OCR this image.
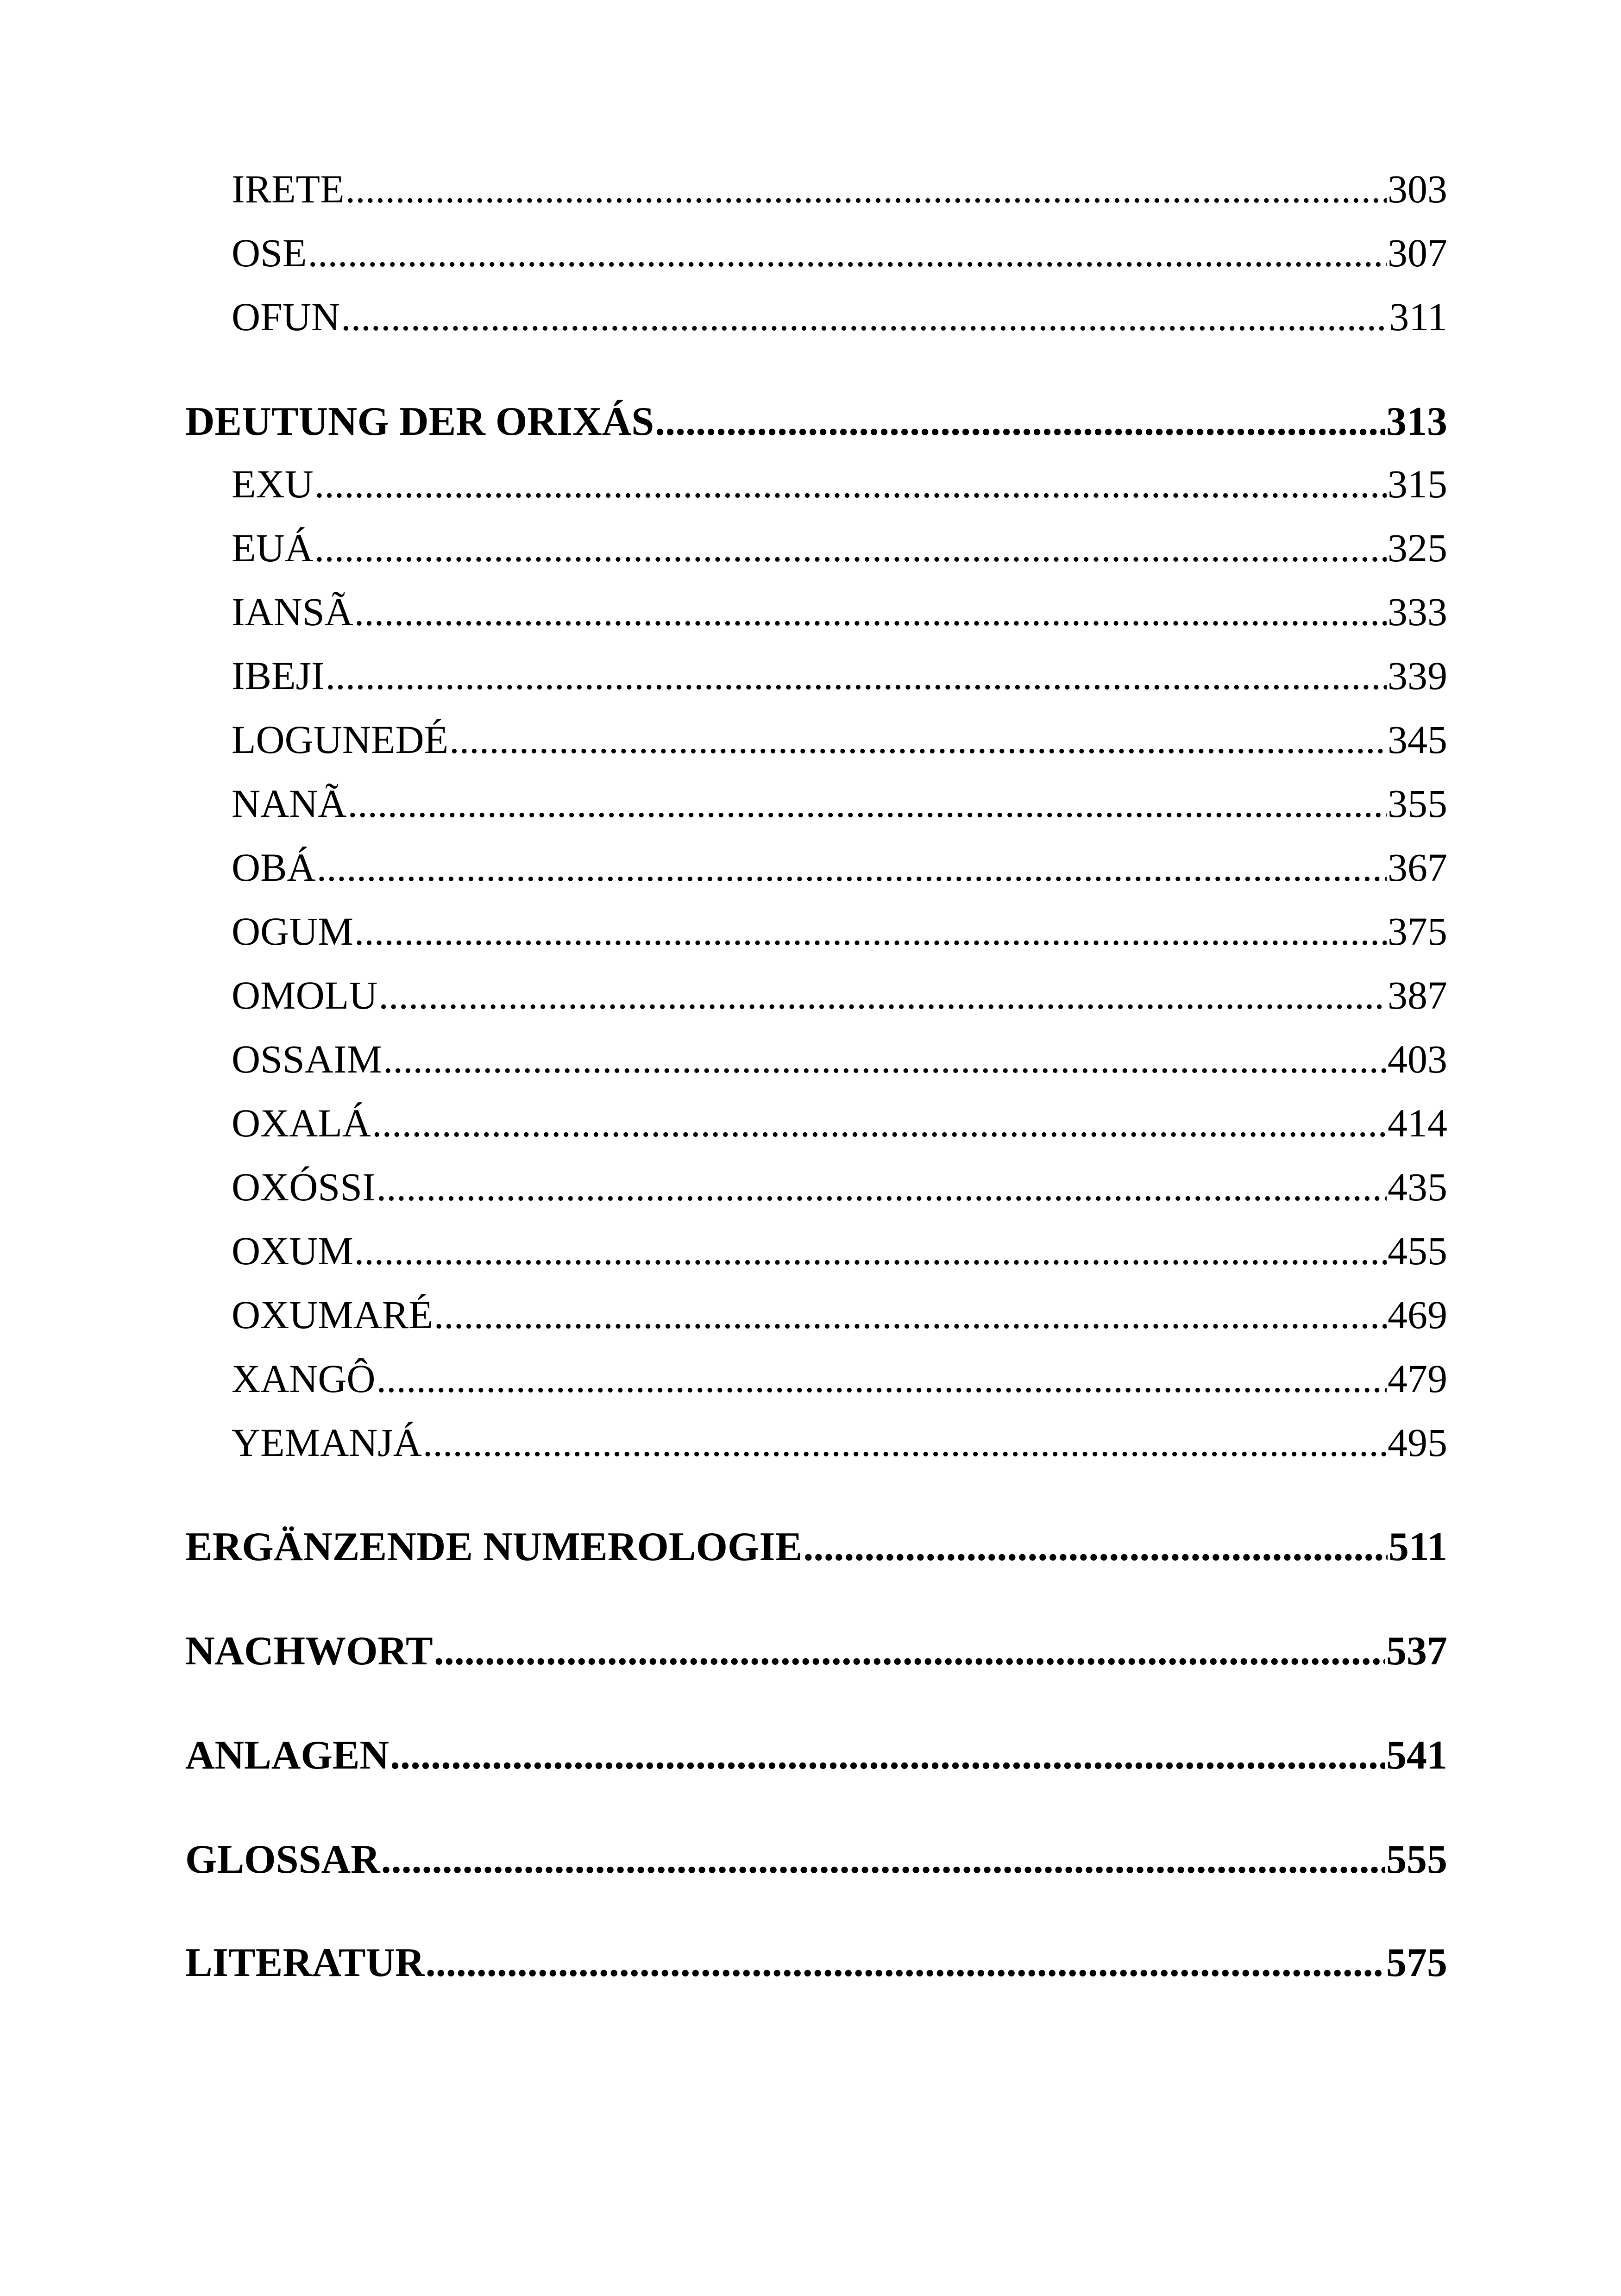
IRETE .....	303
OSE .....	307
OFUN .....	311
DEUTUNG DER ORIXÁS .....	313
EXU .....	315
EUÁ .....	325
IANSÃ .....	333
IBEJI .....	339
LOGUNEDÉ .....	345
NANÃ .....	355
OBÁ .....	367
OGUM .....	375
OMOLU .....	387
OSSAIM .....	403
OXALÁ .....	414
OXÓSSI .....	435
OXUM .....	455
OXUMARÉ .....	469
XANGÔ .....	479
YEMANJÁ .....	495
ERGÄNZENDE NUMEROLOGIE .....	511
NACHWORT .....	537
ANLAGEN .....	541
GLOSSAR .....	555
LITERATUR .....	575
